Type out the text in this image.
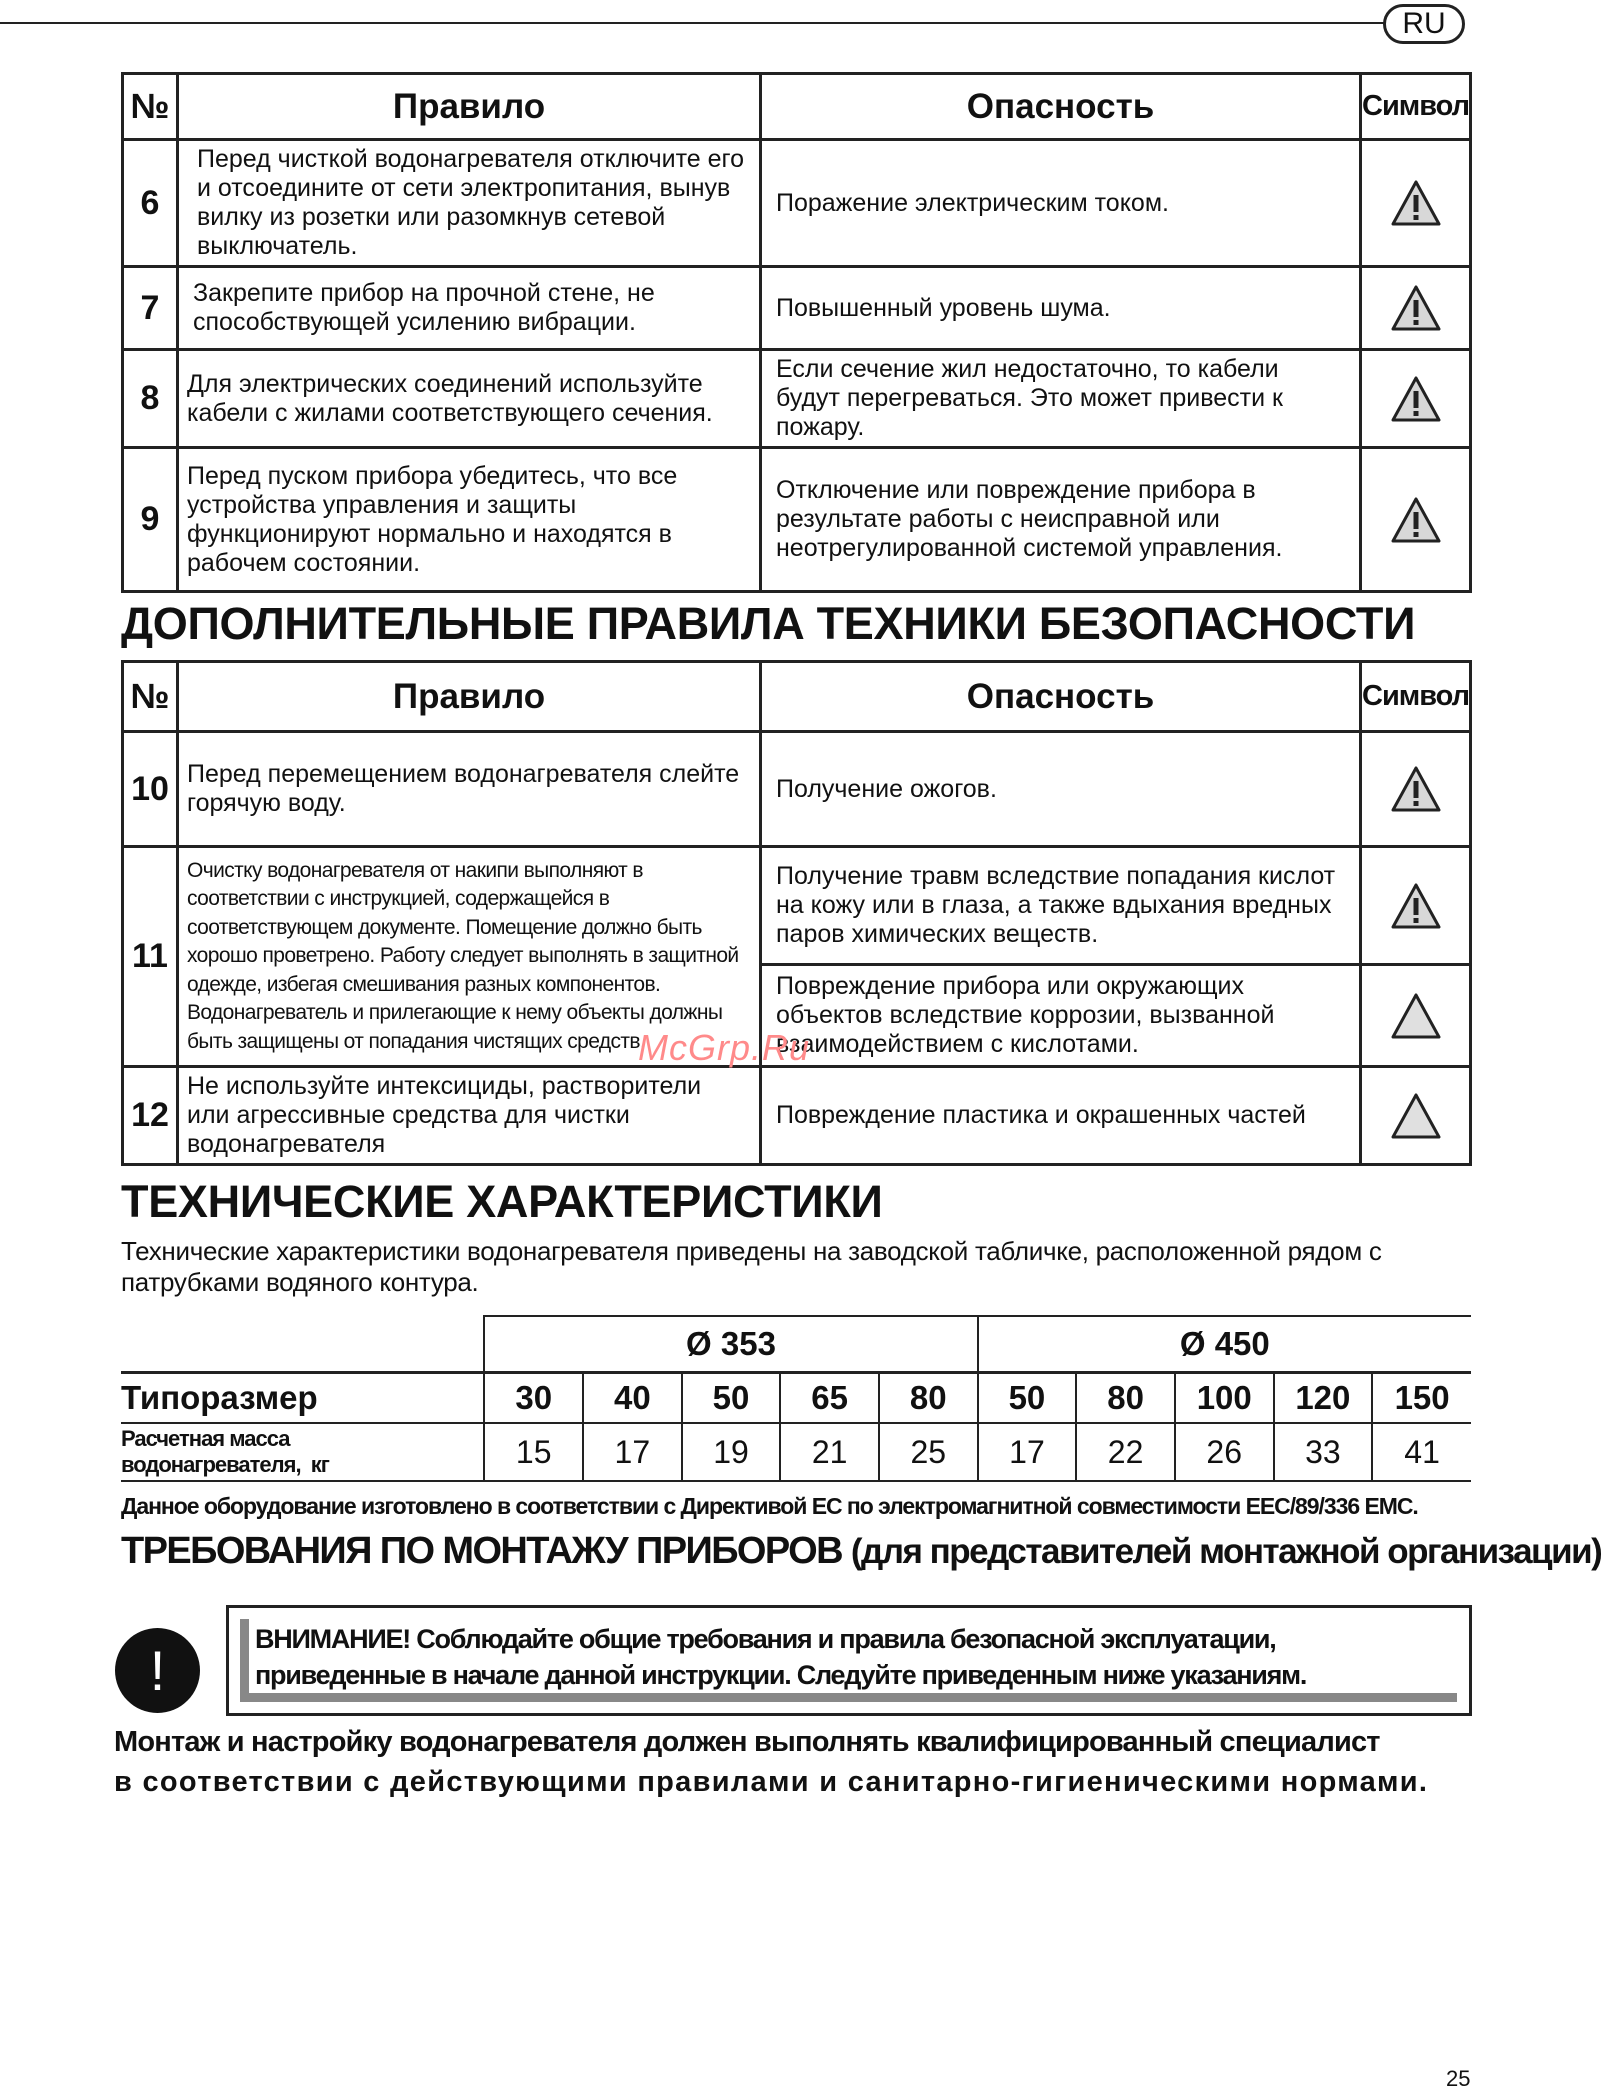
RU
№	Правило	Опасность	Символ
6	Перед чисткой водонагревателя отключите его и отсоедините от сети электропитания, вынув вилку из розетки или разомкнув сетевой выключатель.	Поражение электрическим током.	
7	Закрепите прибор на прочной стене, не способствующей усилению вибрации.	Повышенный уровень шума.	
8	Для электрических соединений используйте кабели с жилами соответствующего сечения.	Если сечение жил недостаточно, то кабели будут перегреваться. Это может привести к пожару.	
9	Перед пуском прибора убедитесь, что все устройства управления и защиты функционируют нормально и находятся в рабочем состоянии.	Отключение или повреждение прибора в результате работы с неисправной или неотрегулированной системой управления.	
ДОПОЛНИТЕЛЬНЫЕ ПРАВИЛА ТЕХНИКИ БЕЗОПАСНОСТИ
№	Правило	Опасность	Символ
10	Перед перемещением водонагревателя слейте горячую воду.	Получение ожогов.	
11	Очистку водонагревателя от накипи выполняют в соответствии с инструкцией, содержащейся в соответствующем документе. Помещение должно быть хорошо проветрено. Работу следует выполнять в защитной одежде, избегая смешивания разных компонентов. Водонагреватель и прилегающие к нему объекты должны быть защищены от попадания чистящих средств.	Получение травм вследствие попадания кислот на кожу или в глаза, а также вдыхания вредных паров химических веществ.	
		Повреждение прибора или окружающих объектов вследствие коррозии, вызванной взаимодействием с кислотами.	
12	Не используйте интексициды, растворители или агрессивные средства для чистки водонагревателя	Повреждение пластика и окрашенных частей	
McGrp.Ru
ТЕХНИЧЕСКИЕ ХАРАКТЕРИСТИКИ
Технические характеристики водонагревателя приведены на заводской табличке, расположенной рядом с патрубками водяного контура.
	Ø 353					Ø 450				
Типоразмер	30	40	50	65	80	50	80	100	120	150
Расчетная масса водонагревателя, кг	15	17	19	21	25	17	22	26	33	41
Данное оборудование изготовлено в соответствии с Директивой ЕС по электромагнитной совместимости EEC/89/336 EMC.
ТРЕБОВАНИЯ ПО МОНТАЖУ ПРИБОРОВ (для представителей монтажной организации)
!	ВНИМАНИЕ! Соблюдайте общие требования и правила безопасной эксплуатации,
приведенные в начале данной инструкции. Следуйте приведенным ниже указаниям.
Монтаж и настройку водонагревателя должен выполнять квалифицированный специалист
в соответствии с действующими правилами и санитарно-гигиеническими нормами.
25
